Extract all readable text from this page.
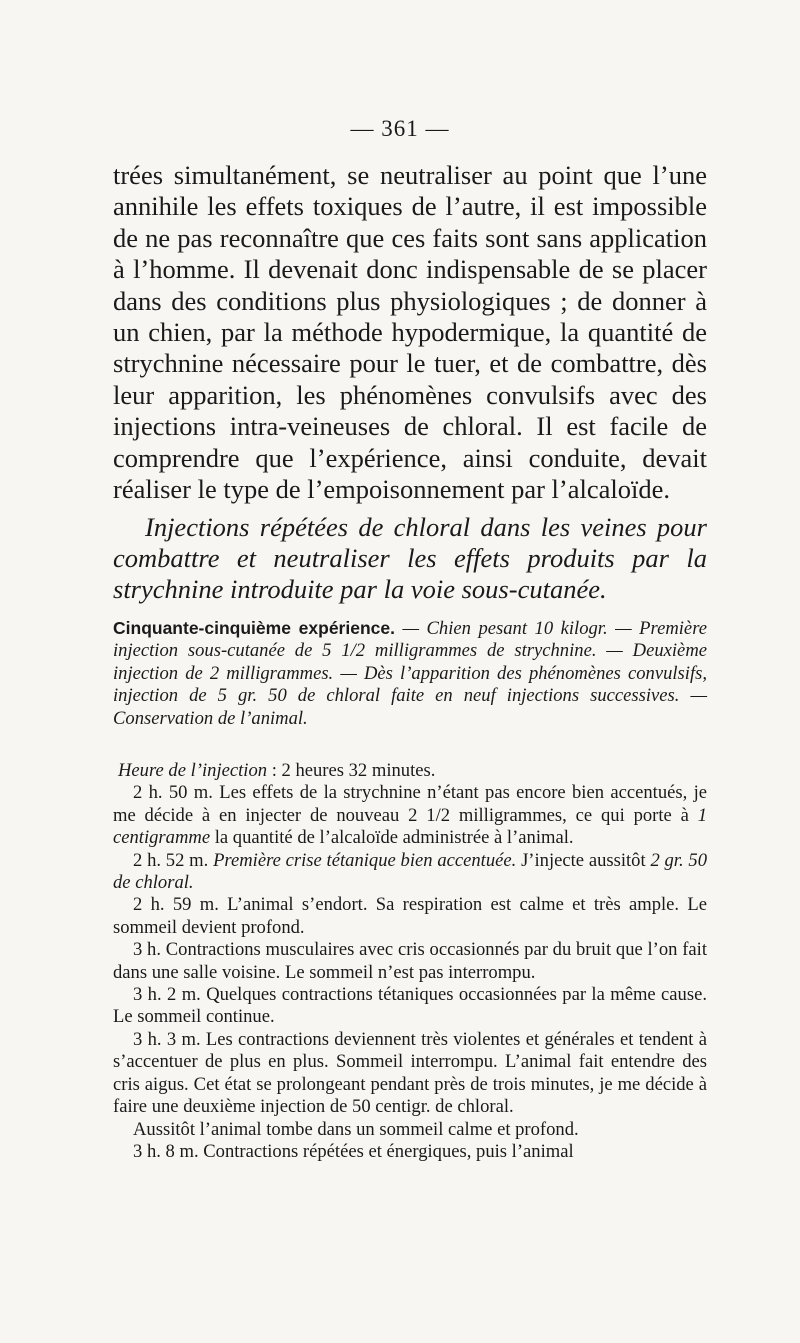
— 361 —

trées simultanément, se neutraliser au point que l’une annihile les effets toxiques de l’autre, il est impossible de ne pas reconnaître que ces faits sont sans application à l’homme. Il devenait donc indispensable de se placer dans des conditions plus physiologiques ; de donner à un chien, par la méthode hypodermique, la quantité de strychnine nécessaire pour le tuer, et de combattre, dès leur apparition, les phénomènes convulsifs avec des injections intra-veineuses de chloral. Il est facile de comprendre que l’expérience, ainsi conduite, devait réaliser le type de l’empoisonnement par l’alcaloïde.

Injections répétées de chloral dans les veines pour combattre et neutraliser les effets produits par la strychnine introduite par la voie sous-cutanée.

Cinquante-cinquième expérience. — Chien pesant 10 kilogr. — Première injection sous-cutanée de 5 1/2 milligrammes de strychnine. — Deuxième injection de 2 milligrammes. — Dès l’apparition des phénomènes convulsifs, injection de 5 gr. 50 de chloral faite en neuf injections successives. — Conservation de l’animal.

Heure de l’injection : 2 heures 32 minutes.

2 h. 50 m. Les effets de la strychnine n’étant pas encore bien accentués, je me décide à en injecter de nouveau 2 1/2 milligrammes, ce qui porte à 1 centigramme la quantité de l’alcaloïde administrée à l’animal.

2 h. 52 m. Première crise tétanique bien accentuée. J’injecte aussitôt 2 gr. 50 de chloral.

2 h. 59 m. L’animal s’endort. Sa respiration est calme et très ample. Le sommeil devient profond.

3 h. Contractions musculaires avec cris occasionnés par du bruit que l’on fait dans une salle voisine. Le sommeil n’est pas interrompu.

3 h. 2 m. Quelques contractions tétaniques occasionnées par la même cause. Le sommeil continue.

3 h. 3 m. Les contractions deviennent très violentes et générales et tendent à s’accentuer de plus en plus. Sommeil interrompu. L’animal fait entendre des cris aigus. Cet état se prolongeant pendant près de trois minutes, je me décide à faire une deuxième injection de 50 centigr. de chloral.

Aussitôt l’animal tombe dans un sommeil calme et profond.

3 h. 8 m. Contractions répétées et énergiques, puis l’animal
